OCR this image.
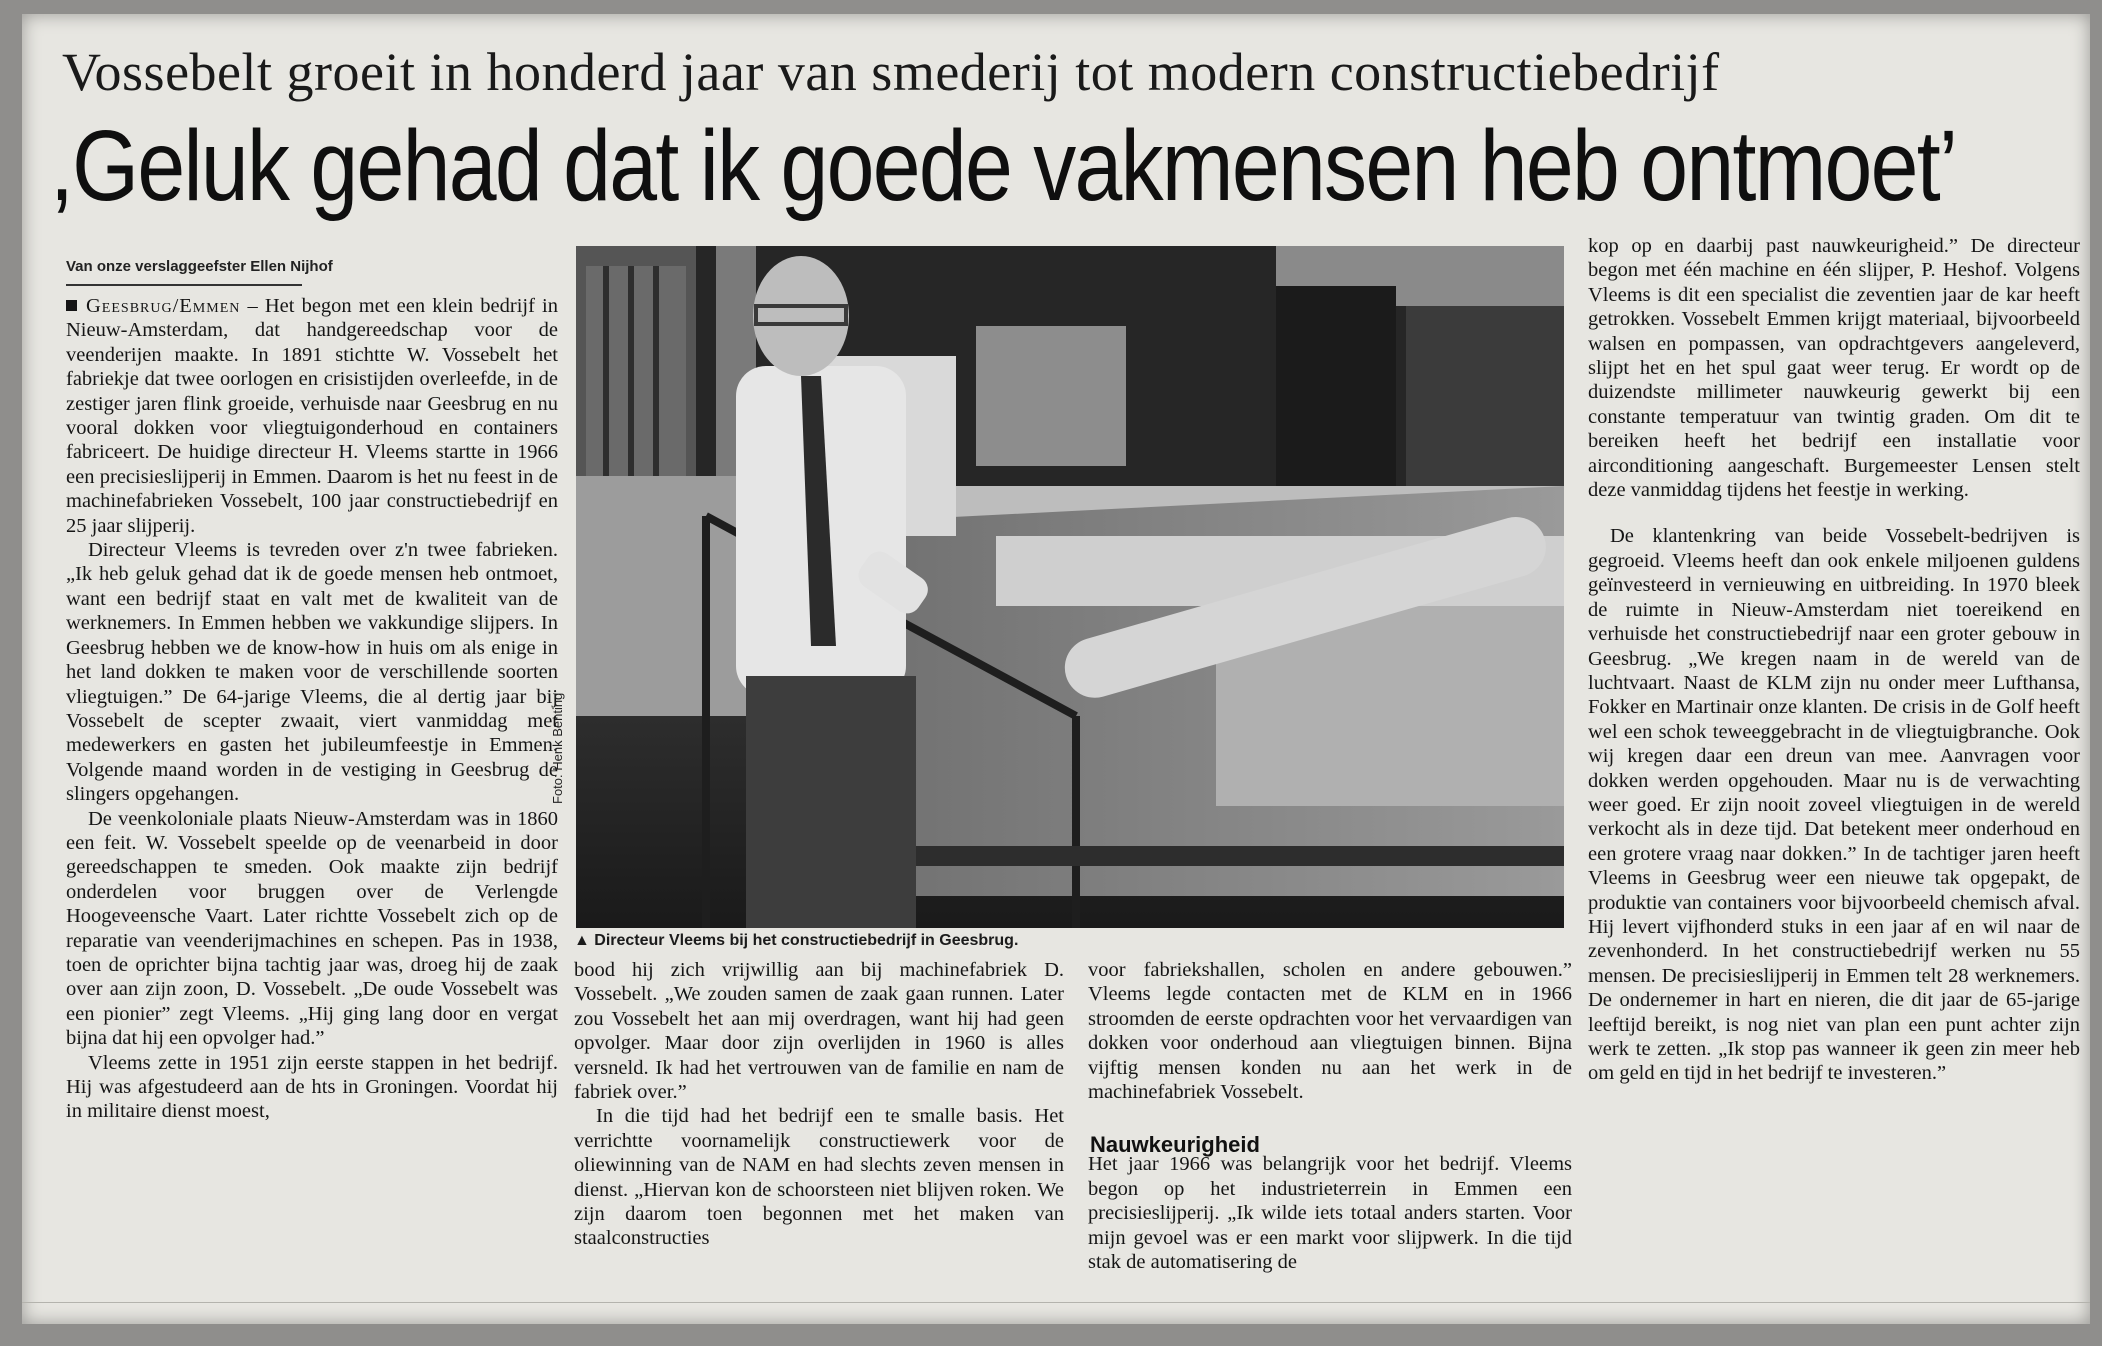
Vossebelt groeit in honderd jaar van smederij tot modern constructiebedrijf
,Geluk gehad dat ik goede vakmensen heb ontmoet’
Van onze verslaggeefster Ellen Nijhof

Geesbrug/Emmen – Het begon met een klein bedrijf in Nieuw-Amsterdam, dat handgereedschap voor de veenderijen maakte. In 1891 stichtte W. Vossebelt het fabriekje dat twee oorlogen en crisistijden overleefde, in de zestiger jaren flink groeide, verhuisde naar Geesbrug en nu vooral dokken voor vliegtuigonderhoud en containers fabriceert. De huidige directeur H. Vleems startte in 1966 een precisieslijperij in Emmen. Daarom is het nu feest in de machinefabrieken Vossebelt, 100 jaar constructiebedrijf en 25 jaar slijperij.

Directeur Vleems is tevreden over z'n twee fabrieken. „Ik heb geluk gehad dat ik de goede mensen heb ontmoet, want een bedrijf staat en valt met de kwaliteit van de werknemers. In Emmen hebben we vakkundige slijpers. In Geesbrug hebben we de know-how in huis om als enige in het land dokken te maken voor de verschillende soorten vliegtuigen.” De 64-jarige Vleems, die al dertig jaar bij Vossebelt de scepter zwaait, viert vanmiddag met medewerkers en gasten het jubileumfeestje in Emmen. Volgende maand worden in de vestiging in Geesbrug de slingers opgehangen.

De veenkoloniale plaats Nieuw-Amsterdam was in 1860 een feit. W. Vossebelt speelde op de veenarbeid in door gereedschappen te smeden. Ook maakte zijn bedrijf onderdelen voor bruggen over de Verlengde Hoogeveensche Vaart. Later richtte Vossebelt zich op de reparatie van veenderijmachines en schepen. Pas in 1938, toen de oprichter bijna tachtig jaar was, droeg hij de zaak over aan zijn zoon, D. Vossebelt. „De oude Vossebelt was een pionier” zegt Vleems. „Hij ging lang door en vergat bijna dat hij een opvolger had.”

Vleems zette in 1951 zijn eerste stappen in het bedrijf. Hij was afgestudeerd aan de hts in Groningen. Voordat hij in militaire dienst moest,

Foto: Henk Benting
▲ Directeur Vleems bij het constructiebedrijf in Geesbrug.

bood hij zich vrijwillig aan bij machinefabriek D. Vossebelt. „We zouden samen de zaak gaan runnen. Later zou Vossebelt het aan mij overdragen, want hij had geen opvolger. Maar door zijn overlijden in 1960 is alles versneld. Ik had het vertrouwen van de familie en nam de fabriek over.”

In die tijd had het bedrijf een te smalle basis. Het verrichtte voornamelijk constructiewerk voor de oliewinning van de NAM en had slechts zeven mensen in dienst. „Hiervan kon de schoorsteen niet blijven roken. We zijn daarom toen begonnen met het maken van staalconstructies

voor fabriekshallen, scholen en andere gebouwen.” Vleems legde contacten met de KLM en in 1966 stroomden de eerste opdrachten voor het vervaardigen van dokken voor onderhoud aan vliegtuigen binnen. Bijna vijftig mensen konden nu aan het werk in de machinefabriek Vossebelt.

Het jaar 1966 was belangrijk voor het bedrijf. Vleems begon op het industrieterrein in Emmen een precisieslijperij. „Ik wilde iets totaal anders starten. Voor mijn gevoel was er een markt voor slijpwerk. In die tijd stak de automatisering de

Nauwkeurigheid

kop op en daarbij past nauwkeurigheid.” De directeur begon met één machine en één slijper, P. Heshof. Volgens Vleems is dit een specialist die zeventien jaar de kar heeft getrokken. Vossebelt Emmen krijgt materiaal, bijvoorbeeld walsen en pompassen, van opdrachtgevers aangeleverd, slijpt het en het spul gaat weer terug. Er wordt op de duizendste millimeter nauwkeurig gewerkt bij een constante temperatuur van twintig graden. Om dit te bereiken heeft het bedrijf een installatie voor airconditioning aangeschaft. Burgemeester Lensen stelt deze vanmiddag tijdens het feestje in werking.

De klantenkring van beide Vossebelt-bedrijven is gegroeid. Vleems heeft dan ook enkele miljoenen guldens geïnvesteerd in vernieuwing en uitbreiding. In 1970 bleek de ruimte in Nieuw-Amsterdam niet toereikend en verhuisde het constructiebedrijf naar een groter gebouw in Geesbrug. „We kregen naam in de wereld van de luchtvaart. Naast de KLM zijn nu onder meer Lufthansa, Fokker en Martinair onze klanten. De crisis in de Golf heeft wel een schok teweeggebracht in de vliegtuigbranche. Ook wij kregen daar een dreun van mee. Aanvragen voor dokken werden opgehouden. Maar nu is de verwachting weer goed. Er zijn nooit zoveel vliegtuigen in de wereld verkocht als in deze tijd. Dat betekent meer onderhoud en een grotere vraag naar dokken.” In de tachtiger jaren heeft Vleems in Geesbrug weer een nieuwe tak opgepakt, de produktie van containers voor bijvoorbeeld chemisch afval. Hij levert vijfhonderd stuks in een jaar af en wil naar de zevenhonderd. In het constructiebedrijf werken nu 55 mensen. De precisieslijperij in Emmen telt 28 werknemers. De ondernemer in hart en nieren, die dit jaar de 65-jarige leeftijd bereikt, is nog niet van plan een punt achter zijn werk te zetten. „Ik stop pas wanneer ik geen zin meer heb om geld en tijd in het bedrijf te investeren.”
